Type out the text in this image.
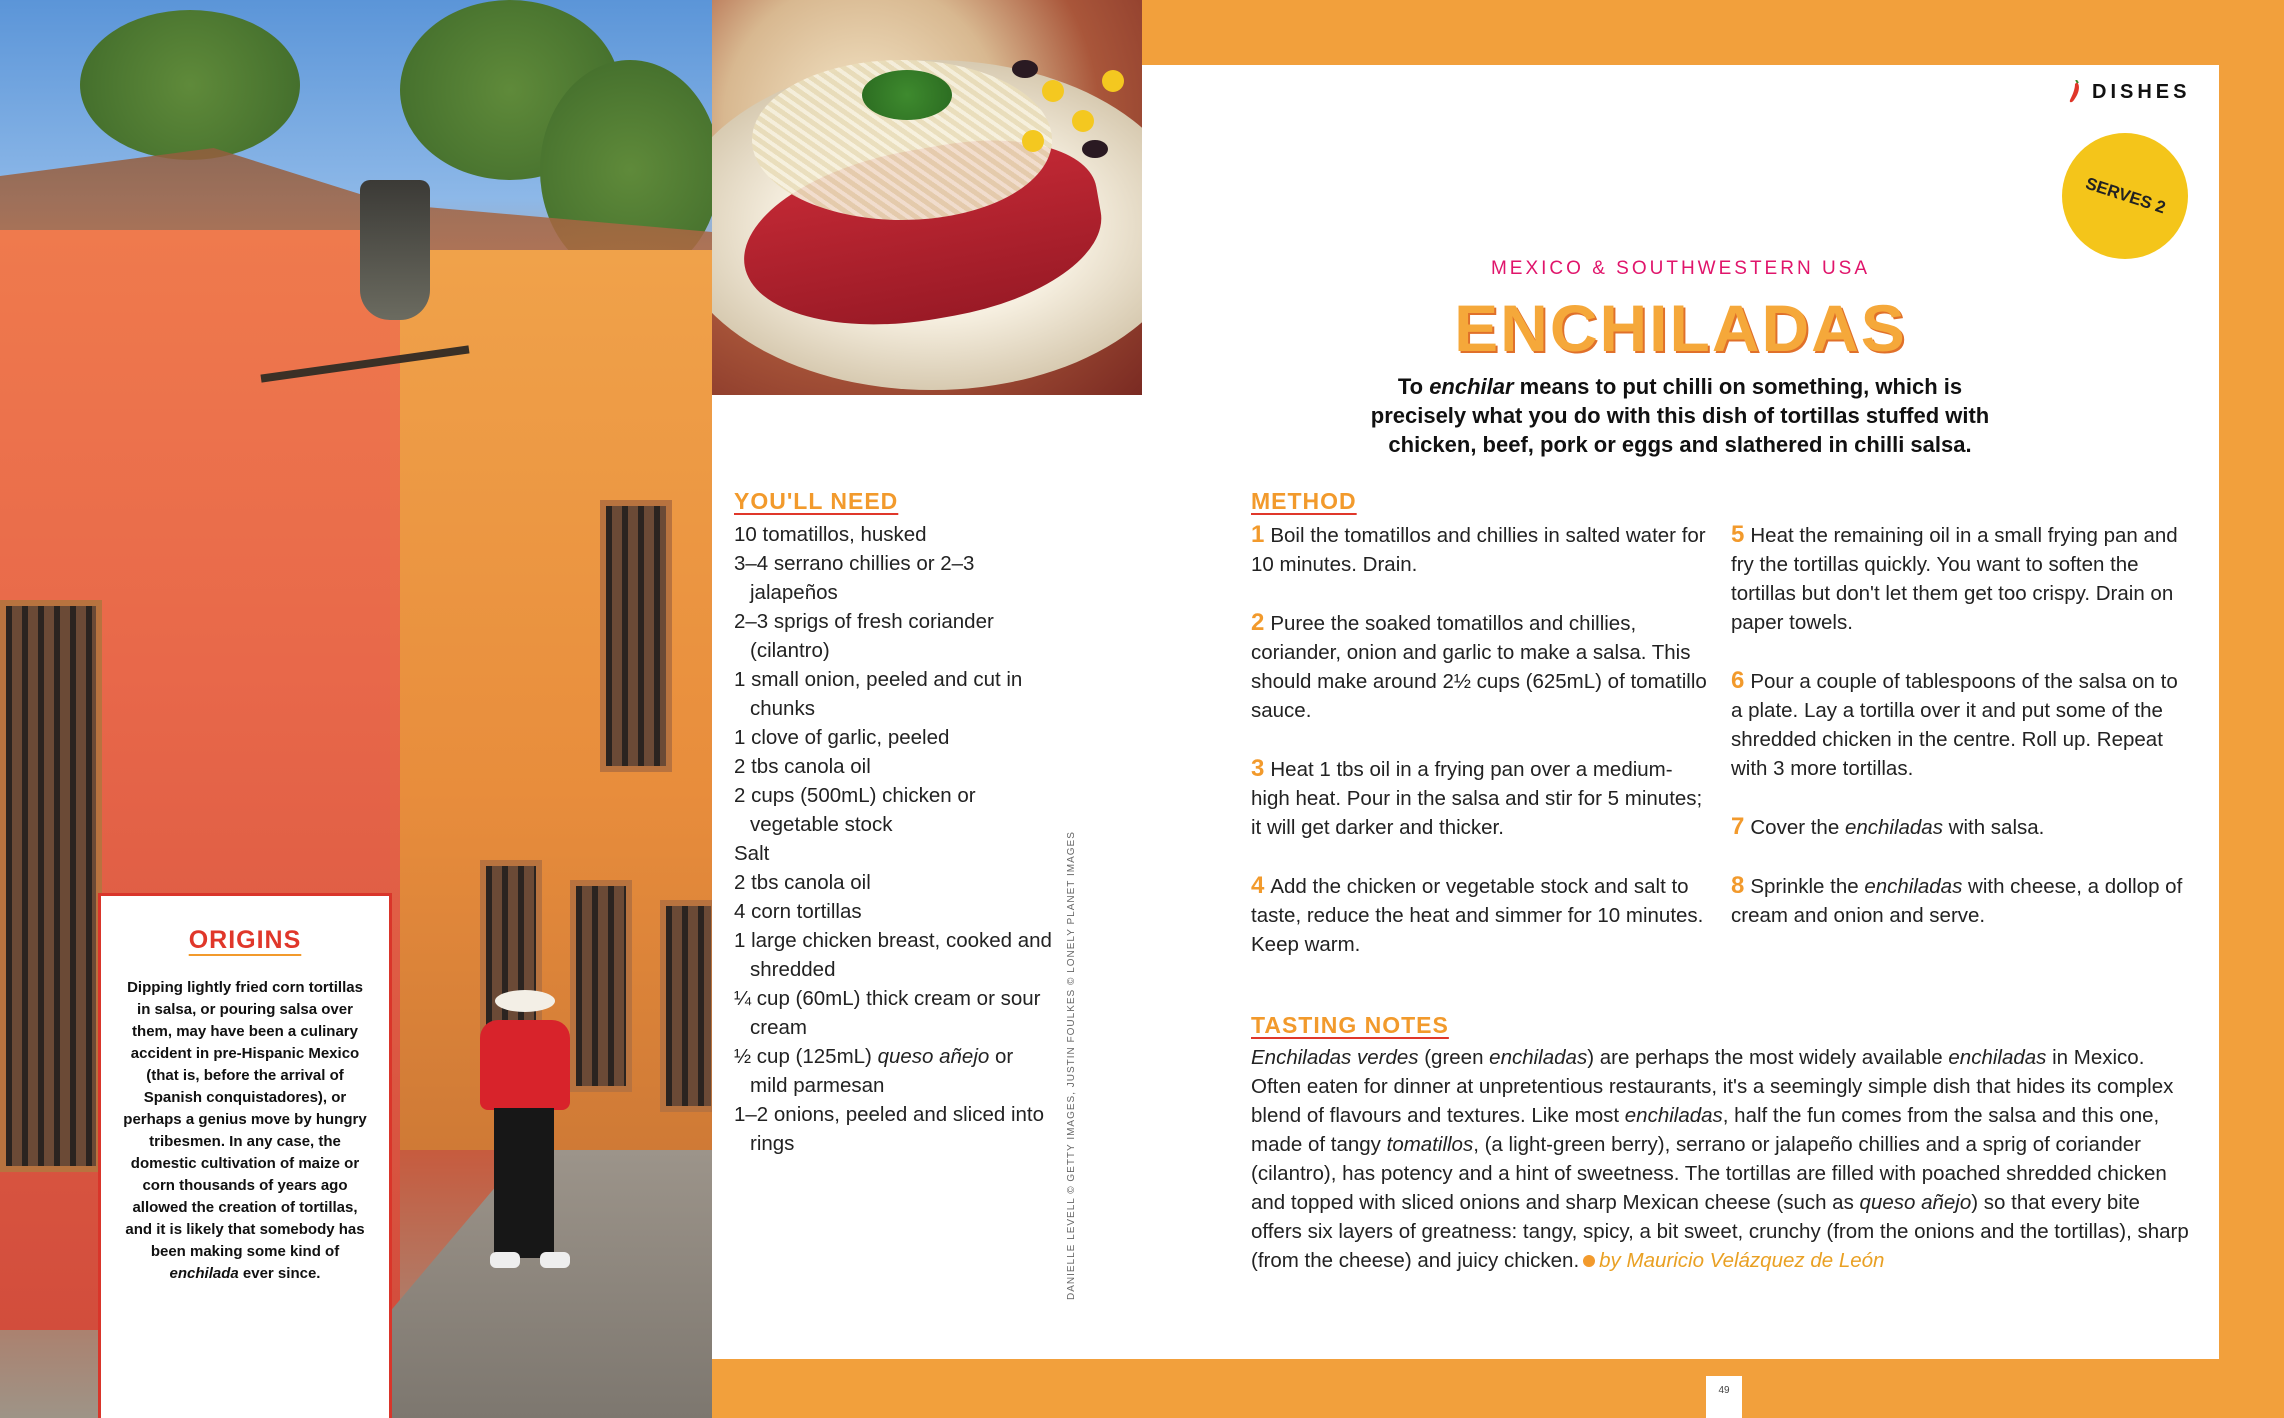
ORIGINS

Dipping lightly fried corn tortillas in salsa, or pouring salsa over them, may have been a culinary accident in pre-Hispanic Mexico (that is, before the arrival of Spanish conquistadores), or perhaps a genius move by hungry tribesmen. In any case, the domestic cultivation of maize or corn thousands of years ago allowed the creation of tortillas, and it is likely that somebody has been making some kind of enchilada ever since.

DISHES
SERVES 2
MEXICO & SOUTHWESTERN USA
ENCHILADAS

To enchilar means to put chilli on something, which is precisely what you do with this dish of tortillas stuffed with chicken, beef, pork or eggs and slathered in chilli salsa.

YOU'LL NEED
10 tomatillos, husked
3–4 serrano chillies or 2–3 jalapeños
2–3 sprigs of fresh coriander (cilantro)
1 small onion, peeled and cut in chunks
1 clove of garlic, peeled
2 tbs canola oil
2 cups (500mL) chicken or vegetable stock
Salt
2 tbs canola oil
4 corn tortillas
1 large chicken breast, cooked and shredded
¼ cup (60mL) thick cream or sour cream
½ cup (125mL) queso añejo or mild parmesan
1–2 onions, peeled and sliced into rings	DANIELLE LEVELL © GETTY IMAGES, JUSTIN FOULKES © LONELY PLANET IMAGES
METHOD
1 Boil the tomatillos and chillies in salted water for 10 minutes. Drain.
2 Puree the soaked tomatillos and chillies, coriander, onion and garlic to make a salsa. This should make around 2½ cups (625mL) of tomatillo sauce.
3 Heat 1 tbs oil in a frying pan over a medium-high heat. Pour in the salsa and stir for 5 minutes; it will get darker and thicker.
4 Add the chicken or vegetable stock and salt to taste, reduce the heat and simmer for 10 minutes. Keep warm.
5 Heat the remaining oil in a small frying pan and fry the tortillas quickly. You want to soften the tortillas but don't let them get too crispy. Drain on paper towels.
6 Pour a couple of tablespoons of the salsa on to a plate. Lay a tortilla over it and put some of the shredded chicken in the centre. Roll up. Repeat with 3 more tortillas.
7 Cover the enchiladas with salsa.
8 Sprinkle the enchiladas with cheese, a dollop of cream and onion and serve.
TASTING NOTES

Enchiladas verdes (green enchiladas) are perhaps the most widely available enchiladas in Mexico. Often eaten for dinner at unpretentious restaurants, it's a seemingly simple dish that hides its complex blend of flavours and textures. Like most enchiladas, half the fun comes from the salsa and this one, made of tangy tomatillos, (a light-green berry), serrano or jalapeño chillies and a sprig of coriander (cilantro), has potency and a hint of sweetness. The tortillas are filled with poached shredded chicken and topped with sliced onions and sharp Mexican cheese (such as queso añejo) so that every bite offers six layers of greatness: tangy, spicy, a bit sweet, crunchy (from the onions and the tortillas), sharp (from the cheese) and juicy chicken. by Mauricio Velázquez de León

49
